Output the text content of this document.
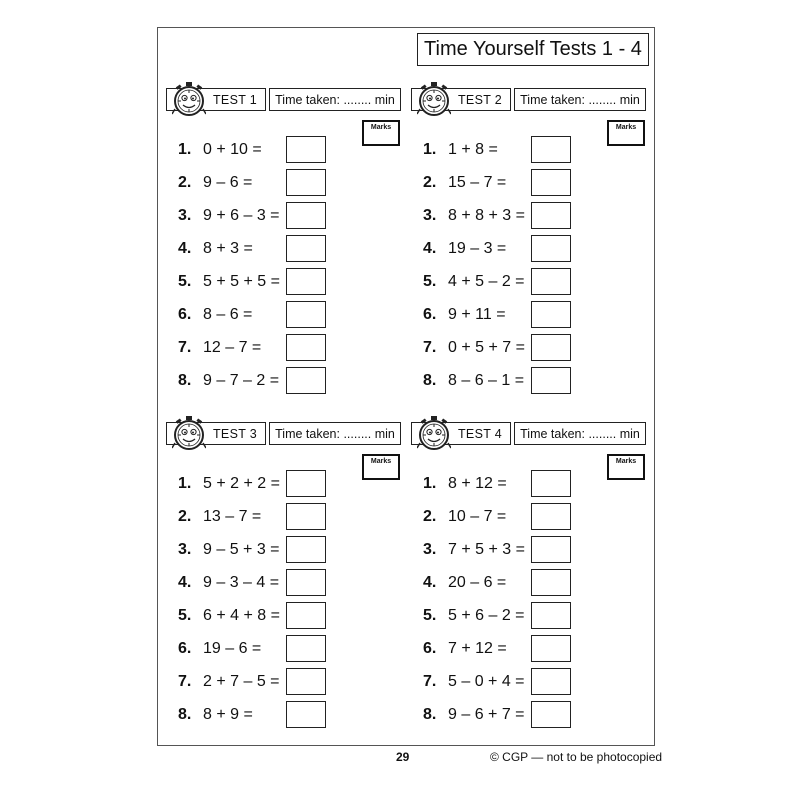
Time Yourself Tests 1 - 4
TEST 1 Time taken: ........ min
Marks
1. 0 + 10 =
2. 9 – 6 =
3. 9 + 6 – 3 =
4. 8 + 3 =
5. 5 + 5 + 5 =
6. 8 – 6 =
7. 12 – 7 =
8. 9 – 7 – 2 =
TEST 2 Time taken: ........ min
Marks
1. 1 + 8 =
2. 15 – 7 =
3. 8 + 8 + 3 =
4. 19 – 3 =
5. 4 + 5 – 2 =
6. 9 + 11 =
7. 0 + 5 + 7 =
8. 8 – 6 – 1 =
TEST 3 Time taken: ........ min
Marks
1. 5 + 2 + 2 =
2. 13 – 7 =
3. 9 – 5 + 3 =
4. 9 – 3 – 4 =
5. 6 + 4 + 8 =
6. 19 – 6 =
7. 2 + 7 – 5 =
8. 8 + 9 =
TEST 4 Time taken: ........ min
Marks
1. 8 + 12 =
2. 10 – 7 =
3. 7 + 5 + 3 =
4. 20 – 6 =
5. 5 + 6 – 2 =
6. 7 + 12 =
7. 5 – 0 + 4 =
8. 9 – 6 + 7 =
29	© CGP — not to be photocopied
